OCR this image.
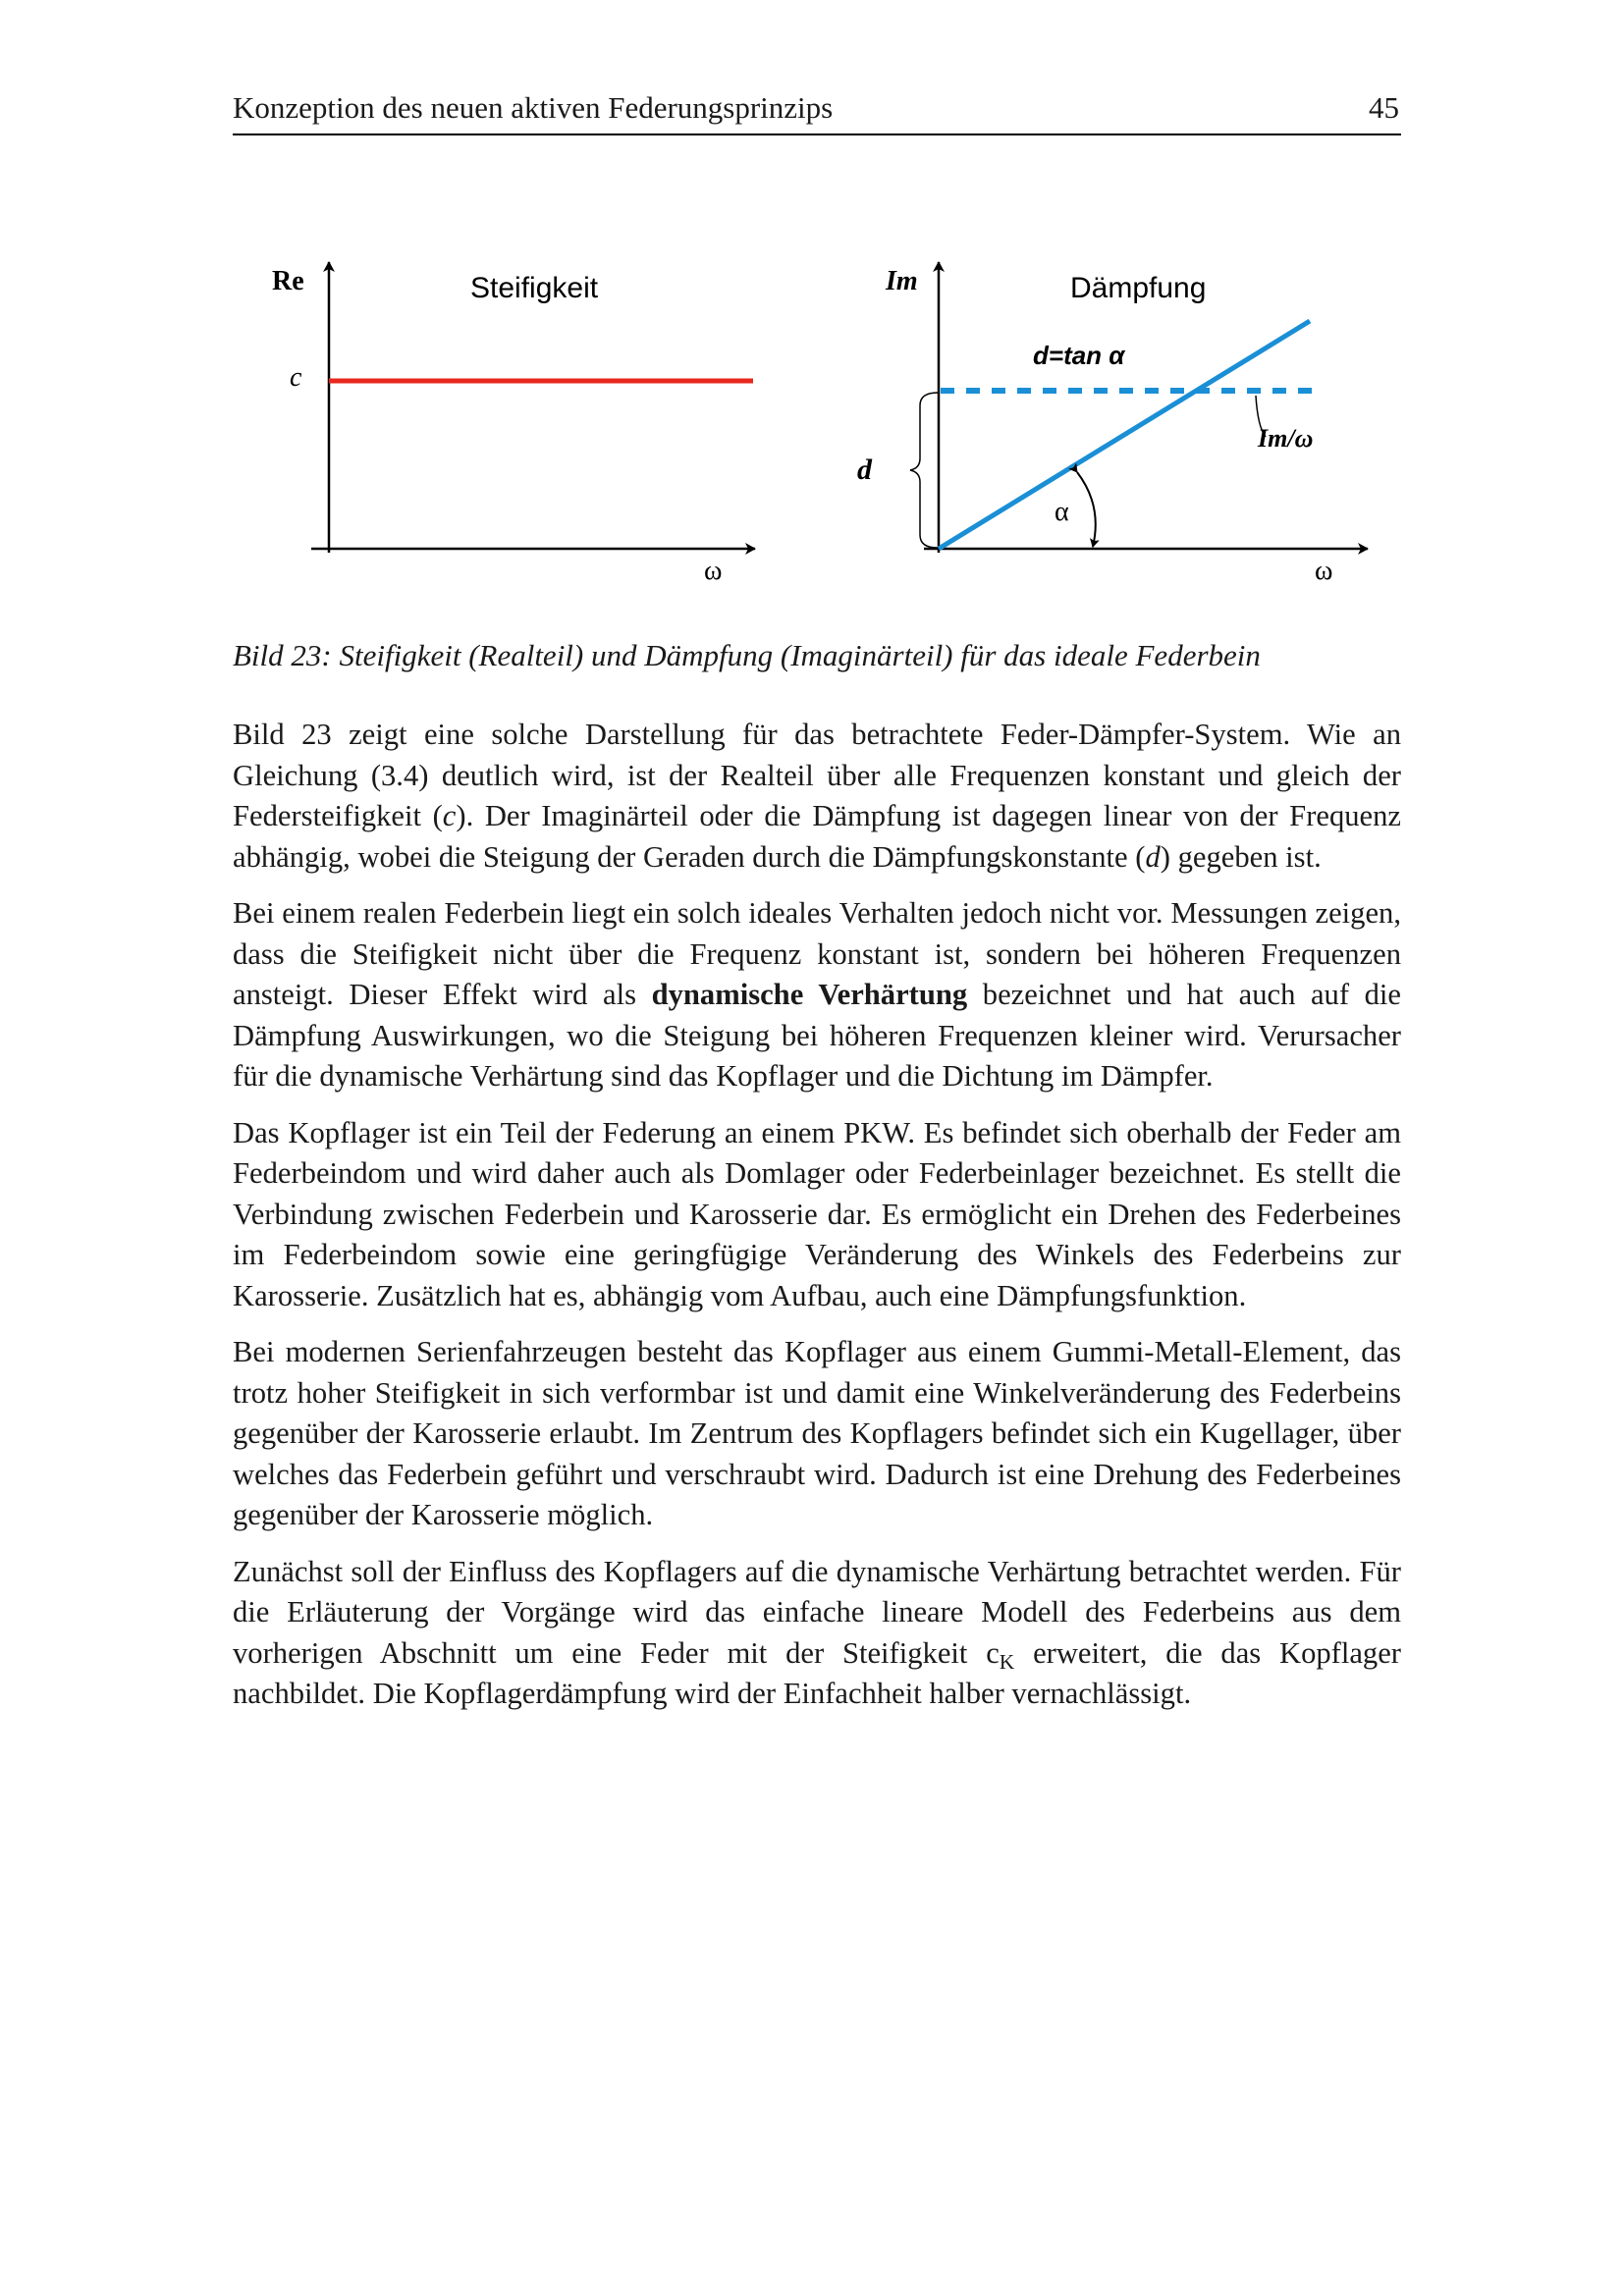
Konzeption des neuen aktiven Federungsprinzips	45
Re
c
Steifigkeit
ω
Im	Dämpfung
d=tan α
Im/ω
α
d
ω
Bild 23: Steifigkeit (Realteil) und Dämpfung (Imaginärteil) für das ideale Federbein

Bild 23 zeigt eine solche Darstellung für das betrachtete Feder-Dämpfer-System. Wie an Gleichung (3.4) deutlich wird, ist der Realteil über alle Frequenzen konstant und gleich der Federsteifigkeit (c). Der Imaginärteil oder die Dämpfung ist dagegen linear von der Frequenz abhängig, wobei die Steigung der Geraden durch die Dämpfungskonstante (d) gegeben ist.

Bei einem realen Federbein liegt ein solch ideales Verhalten jedoch nicht vor. Messungen zeigen, dass die Steifigkeit nicht über die Frequenz konstant ist, sondern bei höheren Frequenzen ansteigt. Dieser Effekt wird als dynamische Verhärtung bezeichnet und hat auch auf die Dämpfung Auswirkungen, wo die Steigung bei höheren Frequenzen kleiner wird. Verursacher für die dynamische Verhärtung sind das Kopflager und die Dichtung im Dämpfer.

Das Kopflager ist ein Teil der Federung an einem PKW. Es befindet sich oberhalb der Feder am Federbeindom und wird daher auch als Domlager oder Federbeinlager bezeichnet. Es stellt die Verbindung zwischen Federbein und Karosserie dar. Es ermöglicht ein Drehen des Federbeines im Federbeindom sowie eine geringfügige Veränderung des Winkels des Federbeins zur Karosserie. Zusätzlich hat es, abhängig vom Aufbau, auch eine Dämpfungsfunktion.

Bei modernen Serienfahrzeugen besteht das Kopflager aus einem Gummi-Metall-Element, das trotz hoher Steifigkeit in sich verformbar ist und damit eine Winkelveränderung des Federbeins gegenüber der Karosserie erlaubt. Im Zentrum des Kopflagers befindet sich ein Kugellager, über welches das Federbein geführt und verschraubt wird. Dadurch ist eine Drehung des Federbeines gegenüber der Karosserie möglich.

Zunächst soll der Einfluss des Kopflagers auf die dynamische Verhärtung betrachtet werden. Für die Erläuterung der Vorgänge wird das einfache lineare Modell des Federbeins aus dem vorherigen Abschnitt um eine Feder mit der Steifigkeit $c_K$ erweitert, die das Kopflager nachbildet. Die Kopflagerdämpfung wird der Einfachheit halber vernachlässigt.
